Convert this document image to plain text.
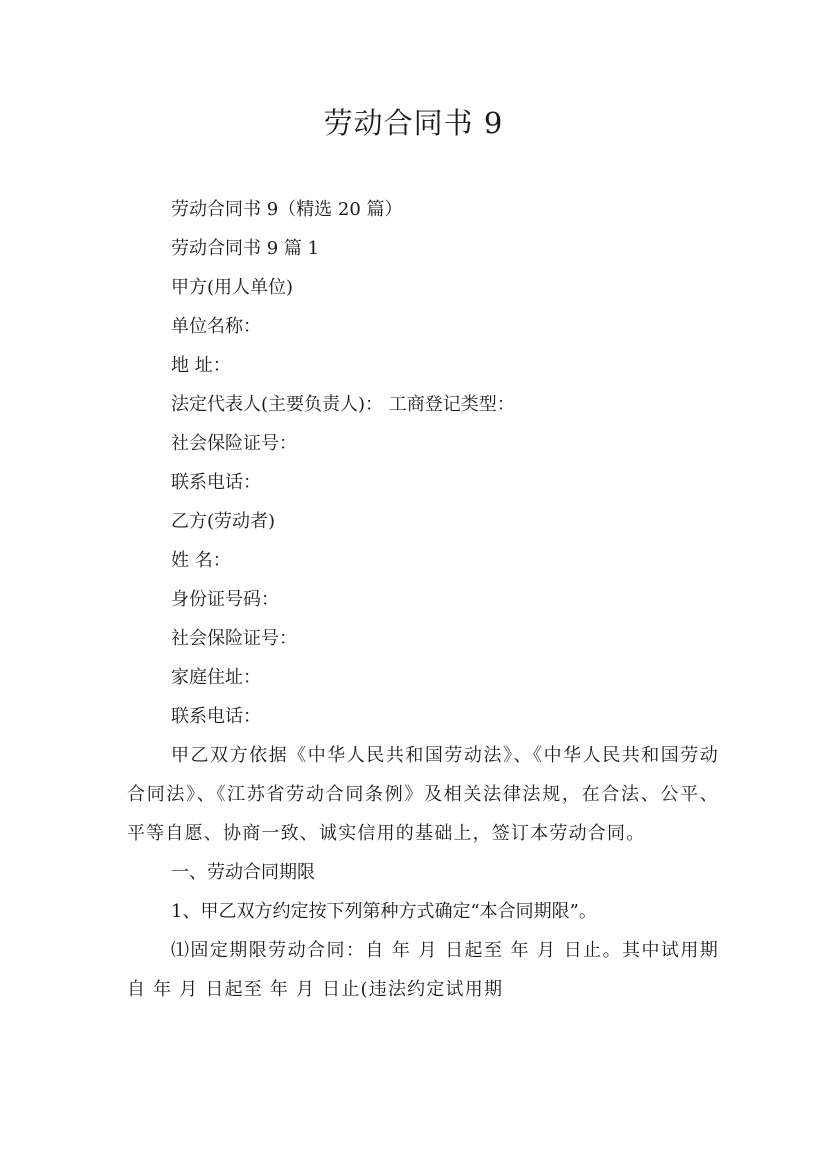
劳动合同书 9
劳动合同书 9（精选 20 篇）
劳动合同书 9 篇 1
甲方(用人单位)
单位名称：
地 址：
法定代表人(主要负责人)： 工商登记类型：
社会保险证号：
联系电话：
乙方(劳动者)
姓 名：
身份证号码：
社会保险证号：
家庭住址：
联系电话：

甲乙双方依据《中华人民共和国劳动法》、《中华人民共和国劳动合同法》、《江苏省劳动合同条例》及相关法律法规，在合法、公平、平等自愿、协商一致、诚实信用的基础上，签订本劳动合同。

一、劳动合同期限
1、甲乙双方约定按下列第种方式确定“本合同期限”。

⑴固定期限劳动合同：自 年 月 日起至 年 月 日止。其中试用期自 年 月 日起至 年 月 日止(违法约定试用期
